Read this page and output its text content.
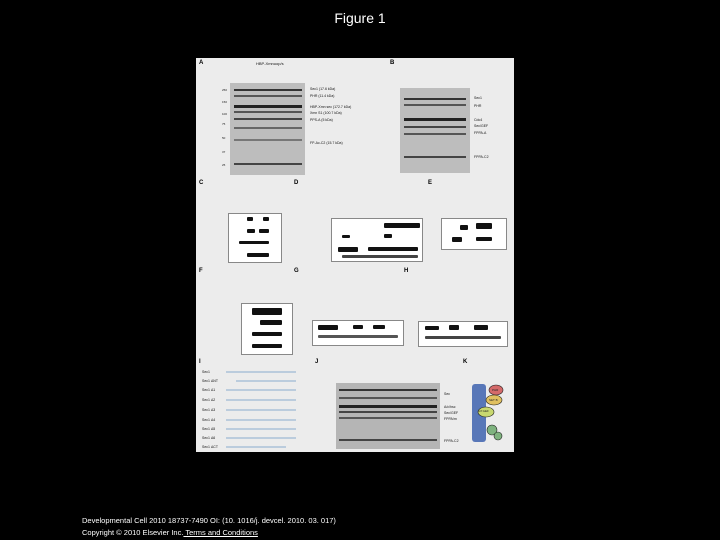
Figure 1
A	B
C	D	E
F	G	H
I	J	K
HBP-Xmnuop/s
250
150
100
75
50
37
25
Sec1 (17.6 kDa)
PHR (11.4 kDa)
HBP-Xmn sec (172.7 kDa)
Xmn S1 (100.7 kDa)
PPS-A (5 kDa)
FP-Ac-C2 (15.7 kDa)
Sec1
PHR
Cdc4
Sec/GEF
FPPA-A
FPPA-C2
Sec1
Sec1 ΔNT
Sec1 Δ1
Sec1 Δ2
Sec1 Δ3
Sec1 Δ4
Sec1 Δ5
Sec1 Δ6
Sec1 ΔCT
Sec
A/c/hsc
Sec/GEF
FPPA/m
FPPA-C2
PHR
SET B
Arf GEF
Developmental Cell 2010 18737-7490 OI: (10. 1016/j. devcel. 2010. 03. 017)
Copyright © 2010 Elsevier Inc. Terms and Conditions
